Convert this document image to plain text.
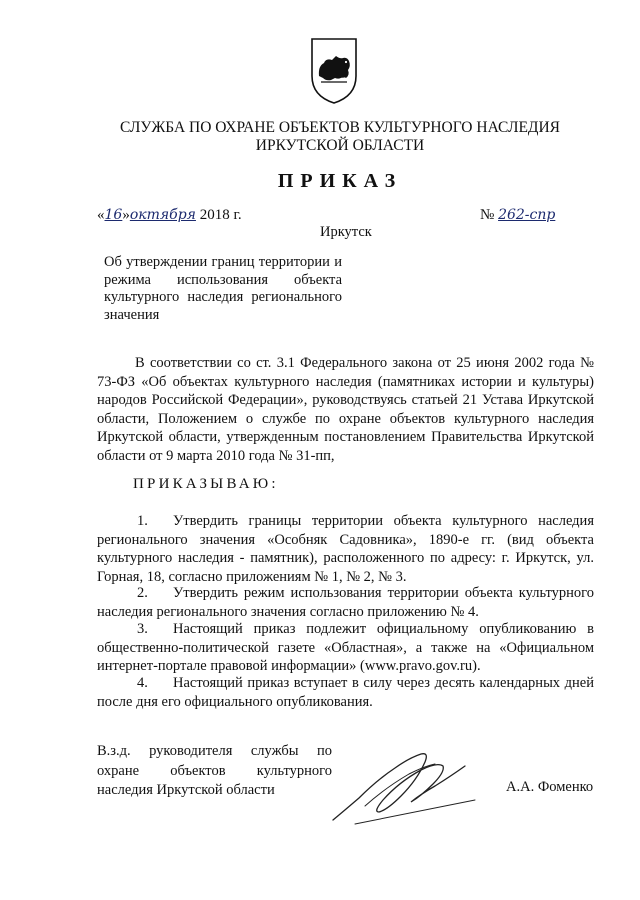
СЛУЖБА ПО ОХРАНЕ ОБЪЕКТОВ КУЛЬТУРНОГО НАСЛЕДИЯ
ИРКУТСКОЙ ОБЛАСТИ
ПРИКАЗ
«16»октября 2018 г.	№ 262-спр
Иркутск
Об утверждении границ территории и режима использования объекта культурного наследия регионального значения
В соответствии со ст. 3.1 Федерального закона от 25 июня 2002 года № 73-ФЗ «Об объектах культурного наследия (памятниках истории и культуры) народов Российской Федерации», руководствуясь статьей 21 Устава Иркутской области, Положением о службе по охране объектов культурного наследия Иркутской области, утвержденным постановлением Правительства Иркутской области от 9 марта 2010 года № 31-пп,
ПРИКАЗЫВАЮ:
1. Утвердить границы территории объекта культурного наследия регионального значения «Особняк Садовника», 1890-е гг. (вид объекта культурного наследия - памятник), расположенного по адресу: г. Иркутск, ул. Горная, 18, согласно приложениям № 1, № 2, № 3.
2. Утвердить режим использования территории объекта культурного наследия регионального значения согласно приложению № 4.
3. Настоящий приказ подлежит официальному опубликованию в общественно-политической газете «Областная», а также на «Официальном интернет-портале правовой информации» (www.pravo.gov.ru).
4. Настоящий приказ вступает в силу через десять календарных дней после дня его официального опубликования.
В.з.д. руководителя службы по охране объектов культурного наследия Иркутской области	А.А. Фоменко
